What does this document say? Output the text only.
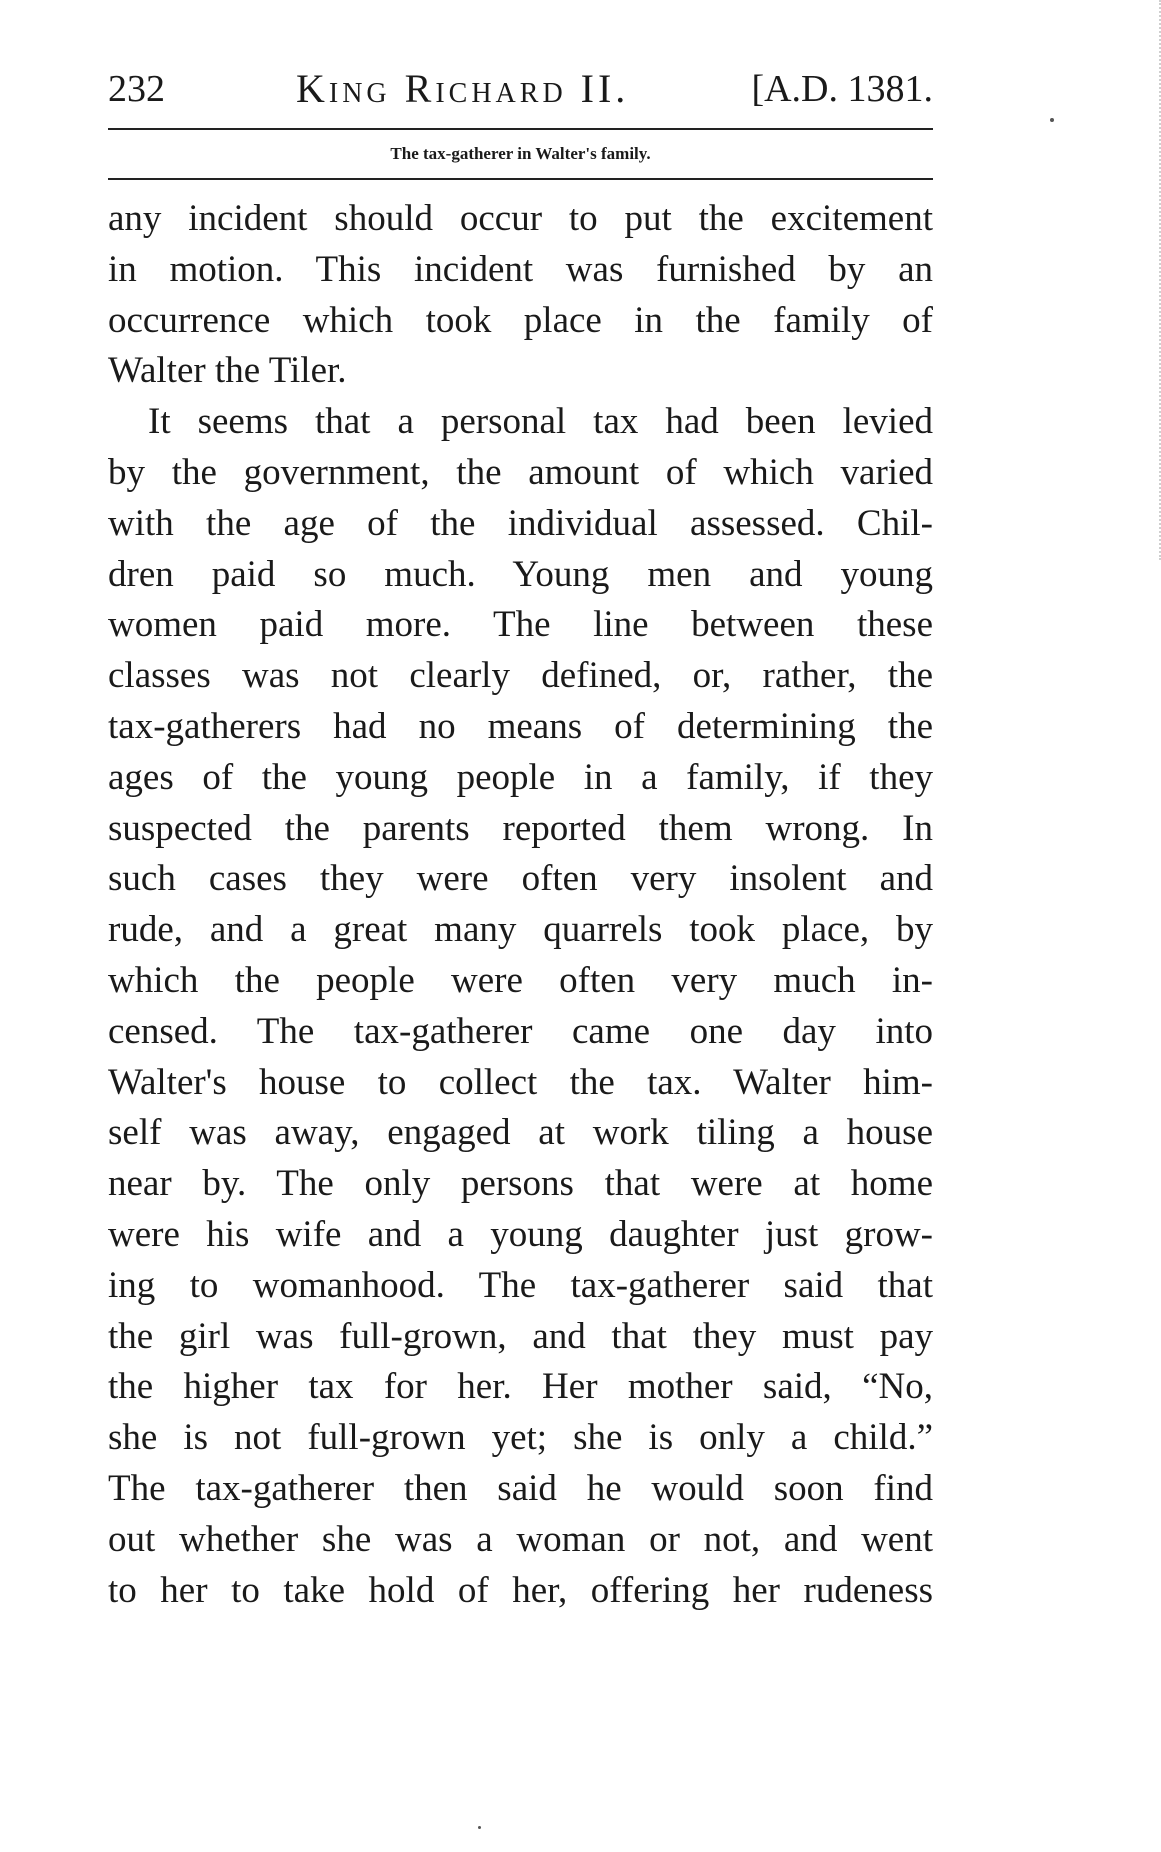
232	King Richard II.	[A.D. 1381.
The tax-gatherer in Walter's family.
any incident should occur to put the excitement
in motion. This incident was furnished by an
occurrence which took place in the family of
Walter the Tiler.
It seems that a personal tax had been levied
by the government, the amount of which varied
with the age of the individual assessed. Chil-
dren paid so much. Young men and young
women paid more. The line between these
classes was not clearly defined, or, rather, the
tax-gatherers had no means of determining the
ages of the young people in a family, if they
suspected the parents reported them wrong. In
such cases they were often very insolent and
rude, and a great many quarrels took place, by
which the people were often very much in-
censed. The tax-gatherer came one day into
Walter's house to collect the tax. Walter him-
self was away, engaged at work tiling a house
near by. The only persons that were at home
were his wife and a young daughter just grow-
ing to womanhood. The tax-gatherer said that
the girl was full-grown, and that they must pay
the higher tax for her. Her mother said, “No,
she is not full-grown yet; she is only a child.”
The tax-gatherer then said he would soon find
out whether she was a woman or not, and went
to her to take hold of her, offering her rudeness
